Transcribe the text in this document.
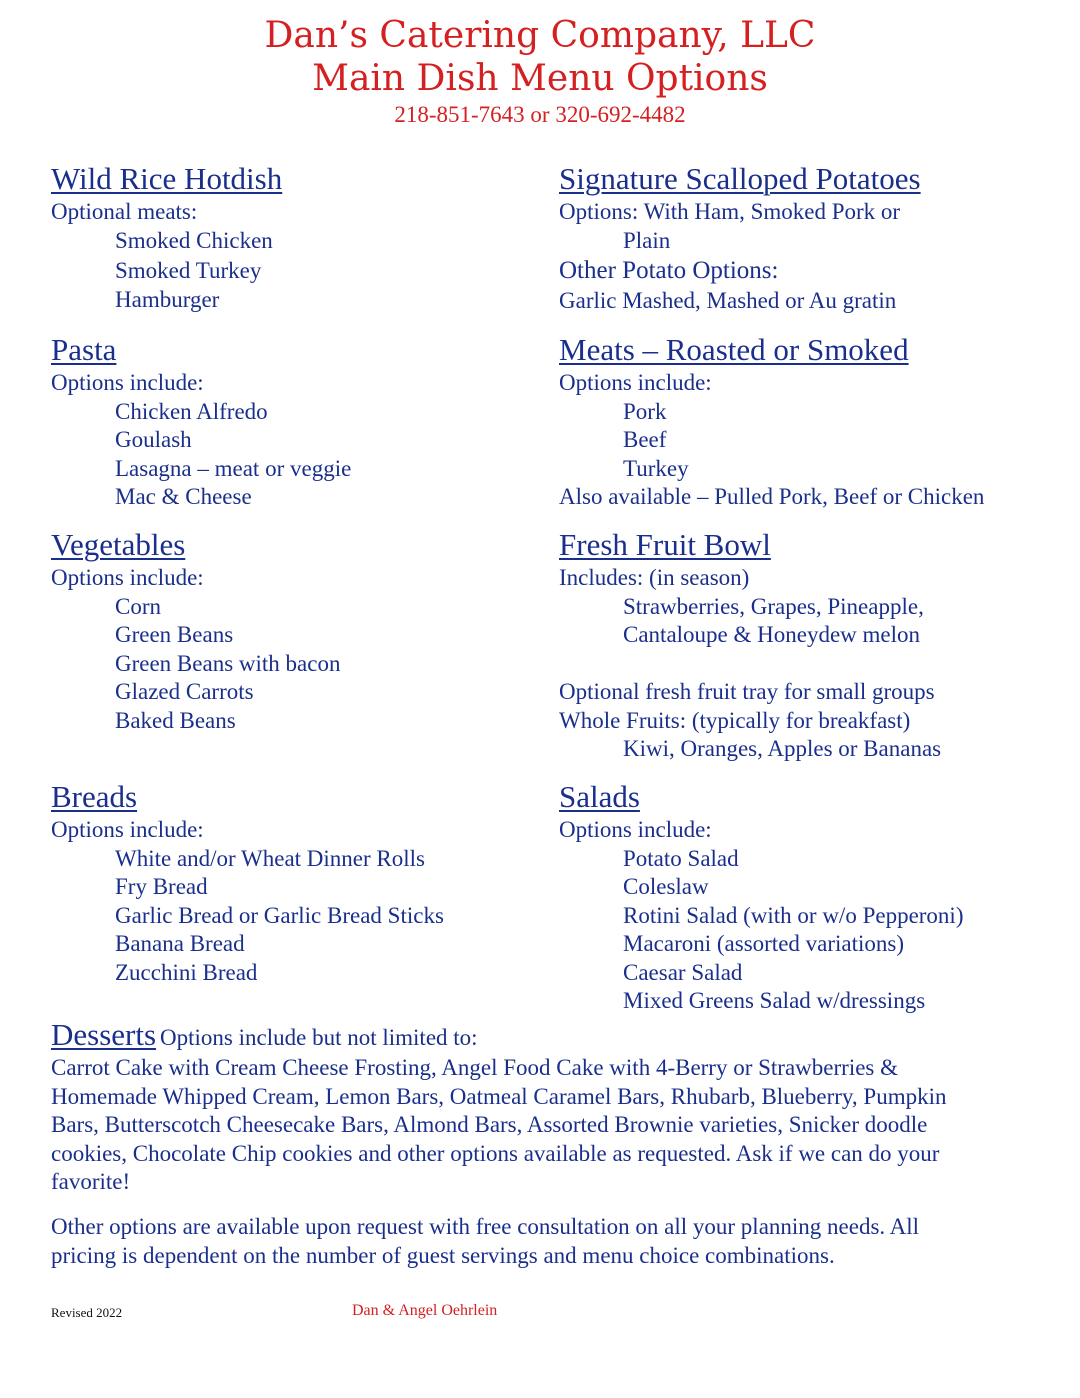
Dan’s Catering Company, LLC
Main Dish Menu Options
218-851-7643 or 320-692-4482
Wild Rice Hotdish
Optional meats:
Smoked Chicken
Smoked Turkey
Hamburger
Pasta
Options include:
Chicken Alfredo
Goulash
Lasagna – meat or veggie
Mac & Cheese
Vegetables
Options include:
Corn
Green Beans
Green Beans with bacon
Glazed Carrots
Baked Beans
Breads
Options include:
White and/or Wheat Dinner Rolls
Fry Bread
Garlic Bread or Garlic Bread Sticks
Banana Bread
Zucchini Bread
Signature Scalloped Potatoes
Options: With Ham, Smoked Pork or
Plain
Other Potato Options:
Garlic Mashed, Mashed or Au gratin
Meats – Roasted or Smoked
Options include:
Pork
Beef
Turkey
Also available – Pulled Pork, Beef or Chicken
Fresh Fruit Bowl
Includes: (in season)
Strawberries, Grapes, Pineapple,
Cantaloupe & Honeydew melon
Optional fresh fruit tray for small groups
Whole Fruits: (typically for breakfast)
Kiwi, Oranges, Apples or Bananas
Salads
Options include:
Potato Salad
Coleslaw
Rotini Salad (with or w/o Pepperoni)
Macaroni (assorted variations)
Caesar Salad
Mixed Greens Salad w/dressings
Desserts Options include but not limited to:
Carrot Cake with Cream Cheese Frosting, Angel Food Cake with 4-Berry or Strawberries &
Homemade Whipped Cream, Lemon Bars, Oatmeal Caramel Bars, Rhubarb, Blueberry, Pumpkin
Bars, Butterscotch Cheesecake Bars, Almond Bars, Assorted Brownie varieties, Snicker doodle
cookies, Chocolate Chip cookies and other options available as requested. Ask if we can do your
favorite!
Other options are available upon request with free consultation on all your planning needs. All
pricing is dependent on the number of guest servings and menu choice combinations.
Revised 2022	Dan & Angel Oehrlein
